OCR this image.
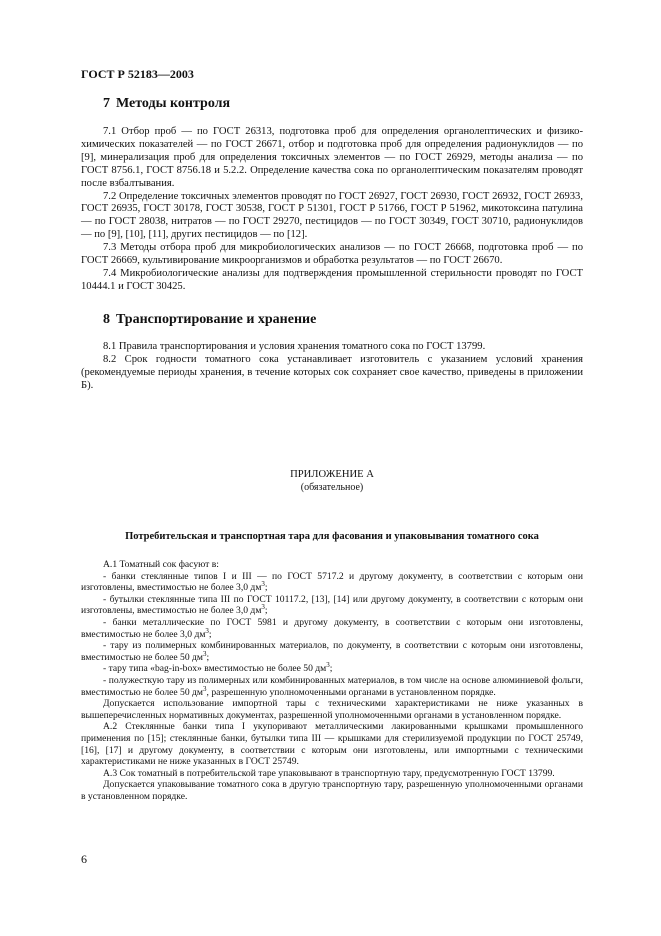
ГОСТ Р 52183—2003
7 Методы контроля

7.1 Отбор проб — по ГОСТ 26313, подготовка проб для определения органолептических и физико-химических показателей — по ГОСТ 26671, отбор и подготовка проб для определения радионуклидов — по [9], минерализация проб для определения токсичных элементов — по ГОСТ 26929, методы анализа — по ГОСТ 8756.1, ГОСТ 8756.18 и 5.2.2. Определение качества сока по органолептическим показателям проводят после взбалтывания.

7.2 Определение токсичных элементов проводят по ГОСТ 26927, ГОСТ 26930, ГОСТ 26932, ГОСТ 26933, ГОСТ 26935, ГОСТ 30178, ГОСТ 30538, ГОСТ Р 51301, ГОСТ Р 51766, ГОСТ Р 51962, микотоксина патулина — по ГОСТ 28038, нитратов — по ГОСТ 29270, пестицидов — по ГОСТ 30349, ГОСТ 30710, радионуклидов — по [9], [10], [11], других пестицидов — по [12].

7.3 Методы отбора проб для микробиологических анализов — по ГОСТ 26668, подготовка проб — по ГОСТ 26669, культивирование микроорганизмов и обработка результатов — по ГОСТ 26670.

7.4 Микробиологические анализы для подтверждения промышленной стерильности проводят по ГОСТ 10444.1 и ГОСТ 30425.

8 Транспортирование и хранение

8.1 Правила транспортирования и условия хранения томатного сока по ГОСТ 13799.

8.2 Срок годности томатного сока устанавливает изготовитель с указанием условий хранения (рекомендуемые периоды хранения, в течение которых сок сохраняет свое качество, приведены в приложении Б).

ПРИЛОЖЕНИЕ А
(обязательное)
Потребительская и транспортная тара для фасования и упаковывания томатного сока

А.1 Томатный сок фасуют в:

- банки стеклянные типов I и III — по ГОСТ 5717.2 и другому документу, в соответствии с которым они изготовлены, вместимостью не более 3,0 $дм^3$;

- бутылки стеклянные типа III по ГОСТ 10117.2, [13], [14] или другому документу, в соответствии с которым они изготовлены, вместимостью не более 3,0 $дм^3$;

- банки металлические по ГОСТ 5981 и другому документу, в соответствии с которым они изготовлены, вместимостью не более 3,0 $дм^3$;

- тару из полимерных комбинированных материалов, по документу, в соответствии с которым они изготовлены, вместимостью не более 50 $дм^3$;

- тару типа «bag-in-box» вместимостью не более 50 $дм^3$;

- полужесткую тару из полимерных или комбинированных материалов, в том числе на основе алюминиевой фольги, вместимостью не более 50 $дм^3$, разрешенную уполномоченными органами в установленном порядке.

Допускается использование импортной тары с техническими характеристиками не ниже указанных в вышеперечисленных нормативных документах, разрешенной уполномоченными органами в установленном порядке.

А.2 Стеклянные банки типа I укупоривают металлическими лакированными крышками промышленного применения по [15]; стеклянные банки, бутылки типа III — крышками для стерилизуемой продукции по ГОСТ 25749, [16], [17] и другому документу, в соответствии с которым они изготовлены, или импортными с техническими характеристиками не ниже указанных в ГОСТ 25749.

А.3 Сок томатный в потребительской таре упаковывают в транспортную тару, предусмотренную ГОСТ 13799.

Допускается упаковывание томатного сока в другую транспортную тару, разрешенную уполномоченными органами в установленном порядке.

6
